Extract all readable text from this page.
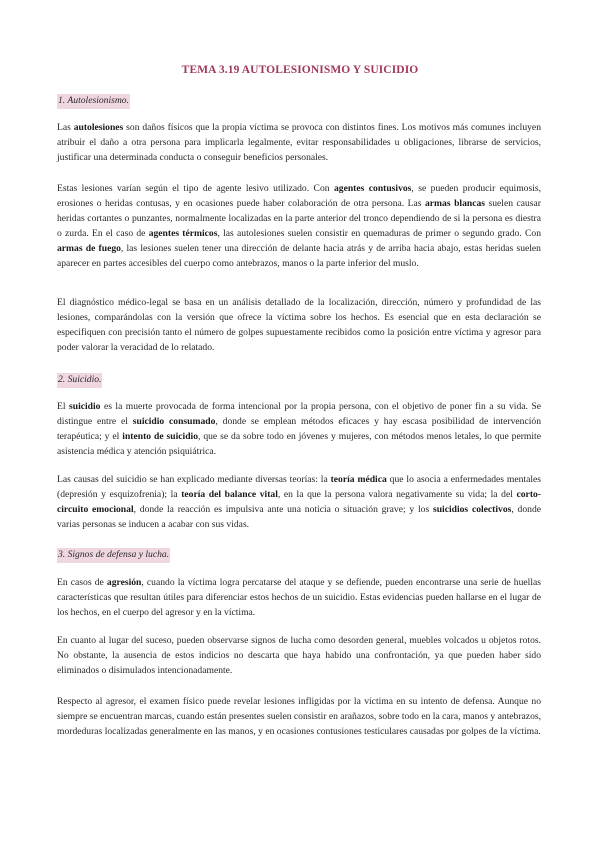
TEMA 3.19 AUTOLESIONISMO Y SUICIDIO
1. Autolesionismo.

Las autolesiones son daños físicos que la propia víctima se provoca con distintos fines. Los motivos más comunes incluyen atribuir el daño a otra persona para implicarla legalmente, evitar responsabilidades u obligaciones, librarse de servicios, justificar una determinada conducta o conseguir beneficios personales.

Estas lesiones varían según el tipo de agente lesivo utilizado. Con agentes contusivos, se pueden producir equimosis, erosiones o heridas contusas, y en ocasiones puede haber colaboración de otra persona. Las armas blancas suelen causar heridas cortantes o punzantes, normalmente localizadas en la parte anterior del tronco dependiendo de si la persona es diestra o zurda. En el caso de agentes térmicos, las autolesiones suelen consistir en quemaduras de primer o segundo grado. Con armas de fuego, las lesiones suelen tener una dirección de delante hacia atrás y de arriba hacia abajo, estas heridas suelen aparecer en partes accesibles del cuerpo como antebrazos, manos o la parte inferior del muslo.

El diagnóstico médico-legal se basa en un análisis detallado de la localización, dirección, número y profundidad de las lesiones, comparándolas con la versión que ofrece la víctima sobre los hechos. Es esencial que en esta declaración se especifiquen con precisión tanto el número de golpes supuestamente recibidos como la posición entre víctima y agresor para poder valorar la veracidad de lo relatado.

2. Suicidio.

El suicidio es la muerte provocada de forma intencional por la propia persona, con el objetivo de poner fin a su vida. Se distingue entre el suicidio consumado, donde se emplean métodos eficaces y hay escasa posibilidad de intervención terapéutica; y el intento de suicidio, que se da sobre todo en jóvenes y mujeres, con métodos menos letales, lo que permite asistencia médica y atención psiquiátrica.

Las causas del suicidio se han explicado mediante diversas teorías: la teoría médica que lo asocia a enfermedades mentales (depresión y esquizofrenia); la teoría del balance vital, en la que la persona valora negativamente su vida; la del corto-circuito emocional, donde la reacción es impulsiva ante una noticia o situación grave; y los suicidios colectivos, donde varias personas se inducen a acabar con sus vidas.

3. Signos de defensa y lucha.

En casos de agresión, cuando la víctima logra percatarse del ataque y se defiende, pueden encontrarse una serie de huellas características que resultan útiles para diferenciar estos hechos de un suicidio. Estas evidencias pueden hallarse en el lugar de los hechos, en el cuerpo del agresor y en la víctima.

En cuanto al lugar del suceso, pueden observarse signos de lucha como desorden general, muebles volcados u objetos rotos. No obstante, la ausencia de estos indicios no descarta que haya habido una confrontación, ya que pueden haber sido eliminados o disimulados intencionadamente.

Respecto al agresor, el examen físico puede revelar lesiones infligidas por la víctima en su intento de defensa. Aunque no siempre se encuentran marcas, cuando están presentes suelen consistir en arañazos, sobre todo en la cara, manos y antebrazos, mordeduras localizadas generalmente en las manos, y en ocasiones contusiones testiculares causadas por golpes de la víctima.
